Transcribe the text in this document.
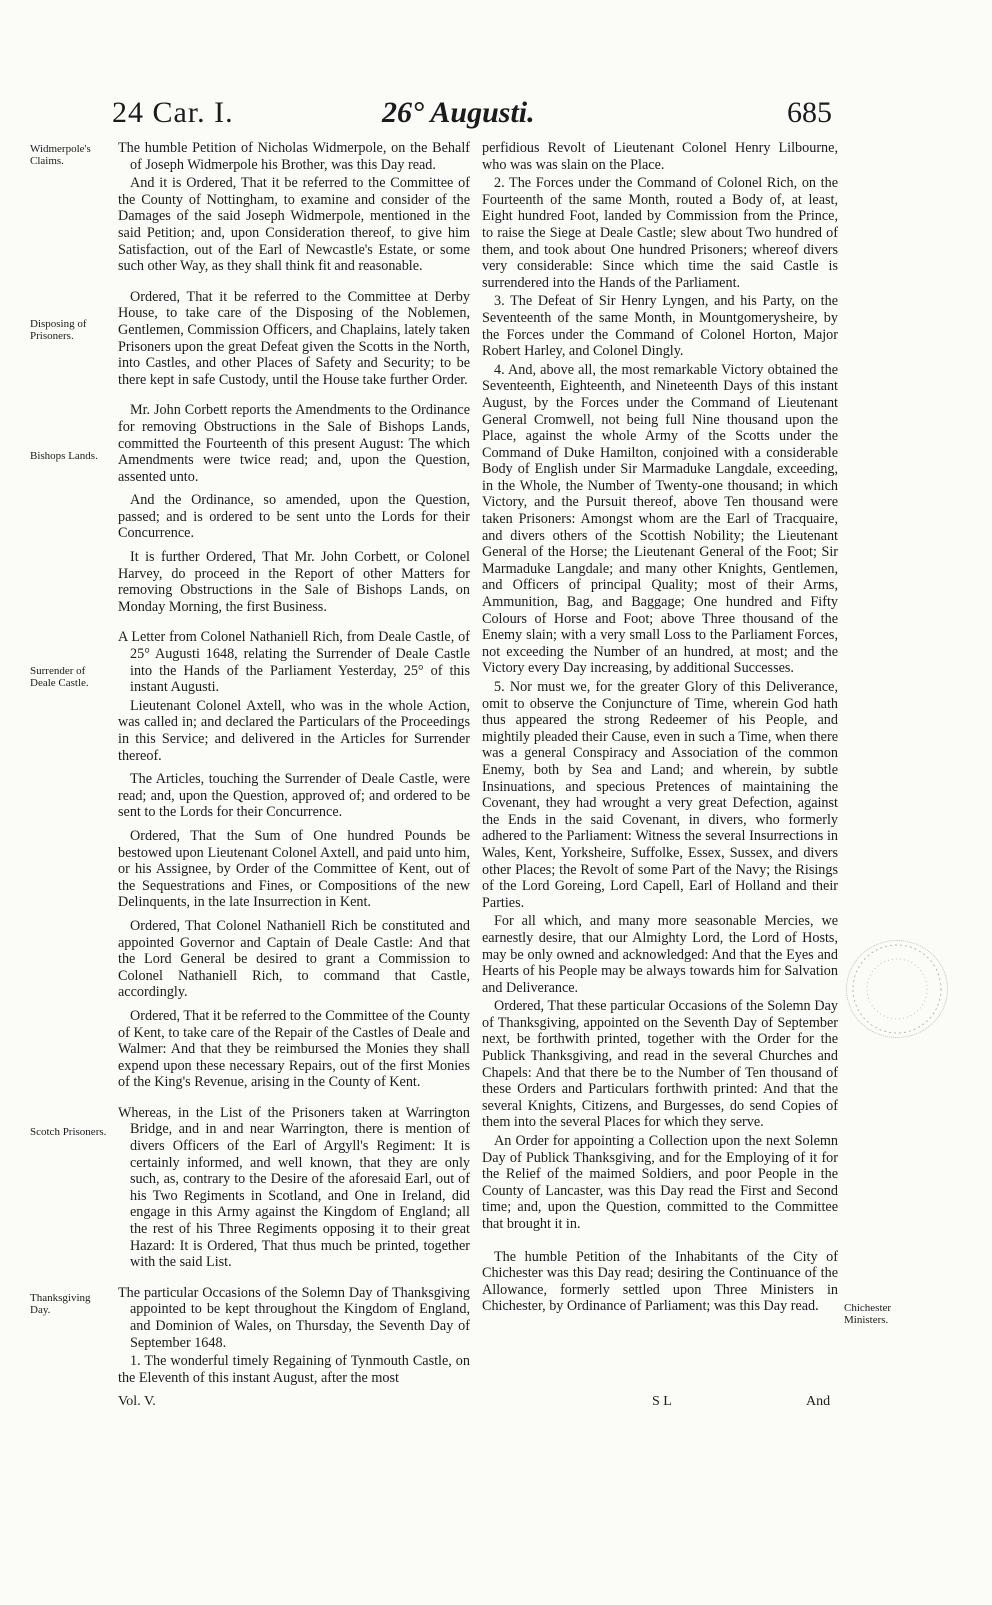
24 Car. I.	26° Augusti.	685
Widmerpole's Claims.
Disposing of Prisoners.
Bishops Lands.
Surrender of Deale Castle.
Scotch Prisoners.
Thanksgiving Day.	Chichester Ministers.

The humble Petition of Nicholas Widmerpole, on the Behalf of Joseph Widmerpole his Brother, was this Day read.

And it is Ordered, That it be referred to the Committee of the County of Nottingham, to examine and consider of the Damages of the said Joseph Widmerpole, mentioned in the said Petition; and, upon Consideration thereof, to give him Satisfaction, out of the Earl of Newcastle's Estate, or some such other Way, as they shall think fit and reasonable.

Ordered, That it be referred to the Committee at Derby House, to take care of the Disposing of the Noblemen, Gentlemen, Commission Officers, and Chaplains, lately taken Prisoners upon the great Defeat given the Scotts in the North, into Castles, and other Places of Safety and Security; to be there kept in safe Custody, until the House take further Order.

Mr. John Corbett reports the Amendments to the Ordinance for removing Obstructions in the Sale of Bishops Lands, committed the Fourteenth of this present August: The which Amendments were twice read; and, upon the Question, assented unto.

And the Ordinance, so amended, upon the Question, passed; and is ordered to be sent unto the Lords for their Concurrence.

It is further Ordered, That Mr. John Corbett, or Colonel Harvey, do proceed in the Report of other Matters for removing Obstructions in the Sale of Bishops Lands, on Monday Morning, the first Business.

A Letter from Colonel Nathaniell Rich, from Deale Castle, of 25° Augusti 1648, relating the Surrender of Deale Castle into the Hands of the Parliament Yesterday, 25° of this instant Augusti.

Lieutenant Colonel Axtell, who was in the whole Action, was called in; and declared the Particulars of the Proceedings in this Service; and delivered in the Articles for Surrender thereof.

The Articles, touching the Surrender of Deale Castle, were read; and, upon the Question, approved of; and ordered to be sent to the Lords for their Concurrence.

Ordered, That the Sum of One hundred Pounds be bestowed upon Lieutenant Colonel Axtell, and paid unto him, or his Assignee, by Order of the Committee of Kent, out of the Sequestrations and Fines, or Compositions of the new Delinquents, in the late Insurrection in Kent.

Ordered, That Colonel Nathaniell Rich be constituted and appointed Governor and Captain of Deale Castle: And that the Lord General be desired to grant a Commission to Colonel Nathaniell Rich, to command that Castle, accordingly.

Ordered, That it be referred to the Committee of the County of Kent, to take care of the Repair of the Castles of Deale and Walmer: And that they be reimbursed the Monies they shall expend upon these necessary Repairs, out of the first Monies of the King's Revenue, arising in the County of Kent.

Whereas, in the List of the Prisoners taken at Warrington Bridge, and in and near Warrington, there is mention of divers Officers of the Earl of Argyll's Regiment: It is certainly informed, and well known, that they are only such, as, contrary to the Desire of the aforesaid Earl, out of his Two Regiments in Scotland, and One in Ireland, did engage in this Army against the Kingdom of England; all the rest of his Three Regiments opposing it to their great Hazard: It is Ordered, That thus much be printed, together with the said List.

The particular Occasions of the Solemn Day of Thanksgiving appointed to be kept throughout the Kingdom of England, and Dominion of Wales, on Thursday, the Seventh Day of September 1648.

1. The wonderful timely Regaining of Tynmouth Castle, on the Eleventh of this instant August, after the most

perfidious Revolt of Lieutenant Colonel Henry Lilbourne, who was was slain on the Place.

2. The Forces under the Command of Colonel Rich, on the Fourteenth of the same Month, routed a Body of, at least, Eight hundred Foot, landed by Commission from the Prince, to raise the Siege at Deale Castle; slew about Two hundred of them, and took about One hundred Prisoners; whereof divers very considerable: Since which time the said Castle is surrendered into the Hands of the Parliament.

3. The Defeat of Sir Henry Lyngen, and his Party, on the Seventeenth of the same Month, in Mountgomerysheire, by the Forces under the Command of Colonel Horton, Major Robert Harley, and Colonel Dingly.

4. And, above all, the most remarkable Victory obtained the Seventeenth, Eighteenth, and Nineteenth Days of this instant August, by the Forces under the Command of Lieutenant General Cromwell, not being full Nine thousand upon the Place, against the whole Army of the Scotts under the Command of Duke Hamilton, conjoined with a considerable Body of English under Sir Marmaduke Langdale, exceeding, in the Whole, the Number of Twenty-one thousand; in which Victory, and the Pursuit thereof, above Ten thousand were taken Prisoners: Amongst whom are the Earl of Tracquaire, and divers others of the Scottish Nobility; the Lieutenant General of the Horse; the Lieutenant General of the Foot; Sir Marmaduke Langdale; and many other Knights, Gentlemen, and Officers of principal Quality; most of their Arms, Ammunition, Bag, and Baggage; One hundred and Fifty Colours of Horse and Foot; above Three thousand of the Enemy slain; with a very small Loss to the Parliament Forces, not exceeding the Number of an hundred, at most; and the Victory every Day increasing, by additional Successes.

5. Nor must we, for the greater Glory of this Deliverance, omit to observe the Conjuncture of Time, wherein God hath thus appeared the strong Redeemer of his People, and mightily pleaded their Cause, even in such a Time, when there was a general Conspiracy and Association of the common Enemy, both by Sea and Land; and wherein, by subtle Insinuations, and specious Pretences of maintaining the Covenant, they had wrought a very great Defection, against the Ends in the said Covenant, in divers, who formerly adhered to the Parliament: Witness the several Insurrections in Wales, Kent, Yorksheire, Suffolke, Essex, Sussex, and divers other Places; the Revolt of some Part of the Navy; the Risings of the Lord Goreing, Lord Capell, Earl of Holland and their Parties.

For all which, and many more seasonable Mercies, we earnestly desire, that our Almighty Lord, the Lord of Hosts, may be only owned and acknowledged: And that the Eyes and Hearts of his People may be always towards him for Salvation and Deliverance.

Ordered, That these particular Occasions of the Solemn Day of Thanksgiving, appointed on the Seventh Day of September next, be forthwith printed, together with the Order for the Publick Thanksgiving, and read in the several Churches and Chapels: And that there be to the Number of Ten thousand of these Orders and Particulars forthwith printed: And that the several Knights, Citizens, and Burgesses, do send Copies of them into the several Places for which they serve.

An Order for appointing a Collection upon the next Solemn Day of Publick Thanksgiving, and for the Employing of it for the Relief of the maimed Soldiers, and poor People in the County of Lancaster, was this Day read the First and Second time; and, upon the Question, committed to the Committee that brought it in.

The humble Petition of the Inhabitants of the City of Chichester was this Day read; desiring the Continuance of the Allowance, formerly settled upon Three Ministers in Chichester, by Ordinance of Parliament; was this Day read.

Vol. V.	S L	And
